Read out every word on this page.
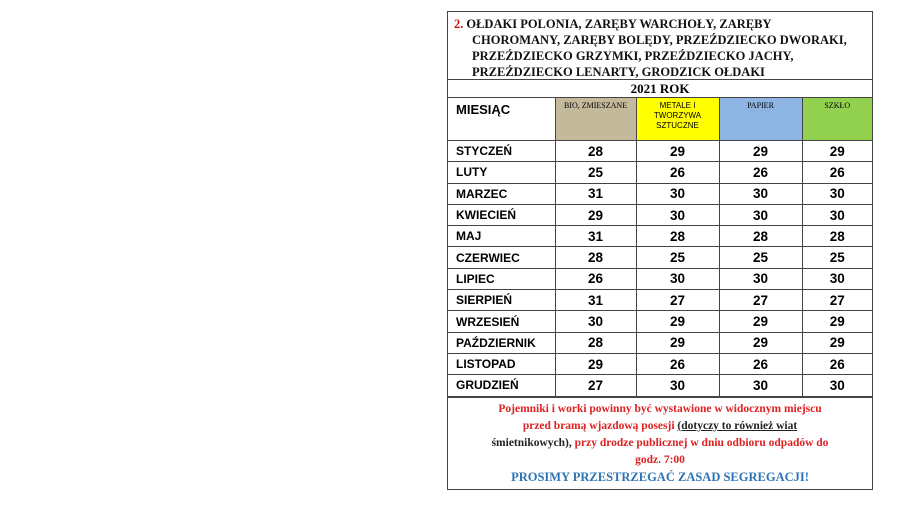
2. OŁDAKI POLONIA, ZARĘBY WARCHOŁY, ZARĘBY
CHOROMANY, ZARĘBY BOLĘDY, PRZEŹDZIECKO DWORAKI,
PRZEŹDZIECKO GRZYMKI, PRZEŹDZIECKO JACHY,
PRZEŹDZIECKO LENARTY, GRODZICK OŁDAKI
2021 ROK
MIESIĄC	BIO, ZMIESZANE	METALE I TWORZYWA SZTUCZNE	PAPIER	SZKŁO
STYCZEŃ	28	29	29	29
LUTY	25	26	26	26
MARZEC	31	30	30	30
KWIECIEŃ	29	30	30	30
MAJ	31	28	28	28
CZERWIEC	28	25	25	25
LIPIEC	26	30	30	30
SIERPIEŃ	31	27	27	27
WRZESIEŃ	30	29	29	29
PAŹDZIERNIK	28	29	29	29
LISTOPAD	29	26	26	26
GRUDZIEŃ	27	30	30	30
Pojemniki i worki powinny być wystawione w widocznym miejscu
przed bramą wjazdową posesji (dotyczy to również wiat
śmietnikowych), przy drodze publicznej w dniu odbioru odpadów do
godz. 7:00
PROSIMY PRZESTRZEGAĆ ZASAD SEGREGACJI!
